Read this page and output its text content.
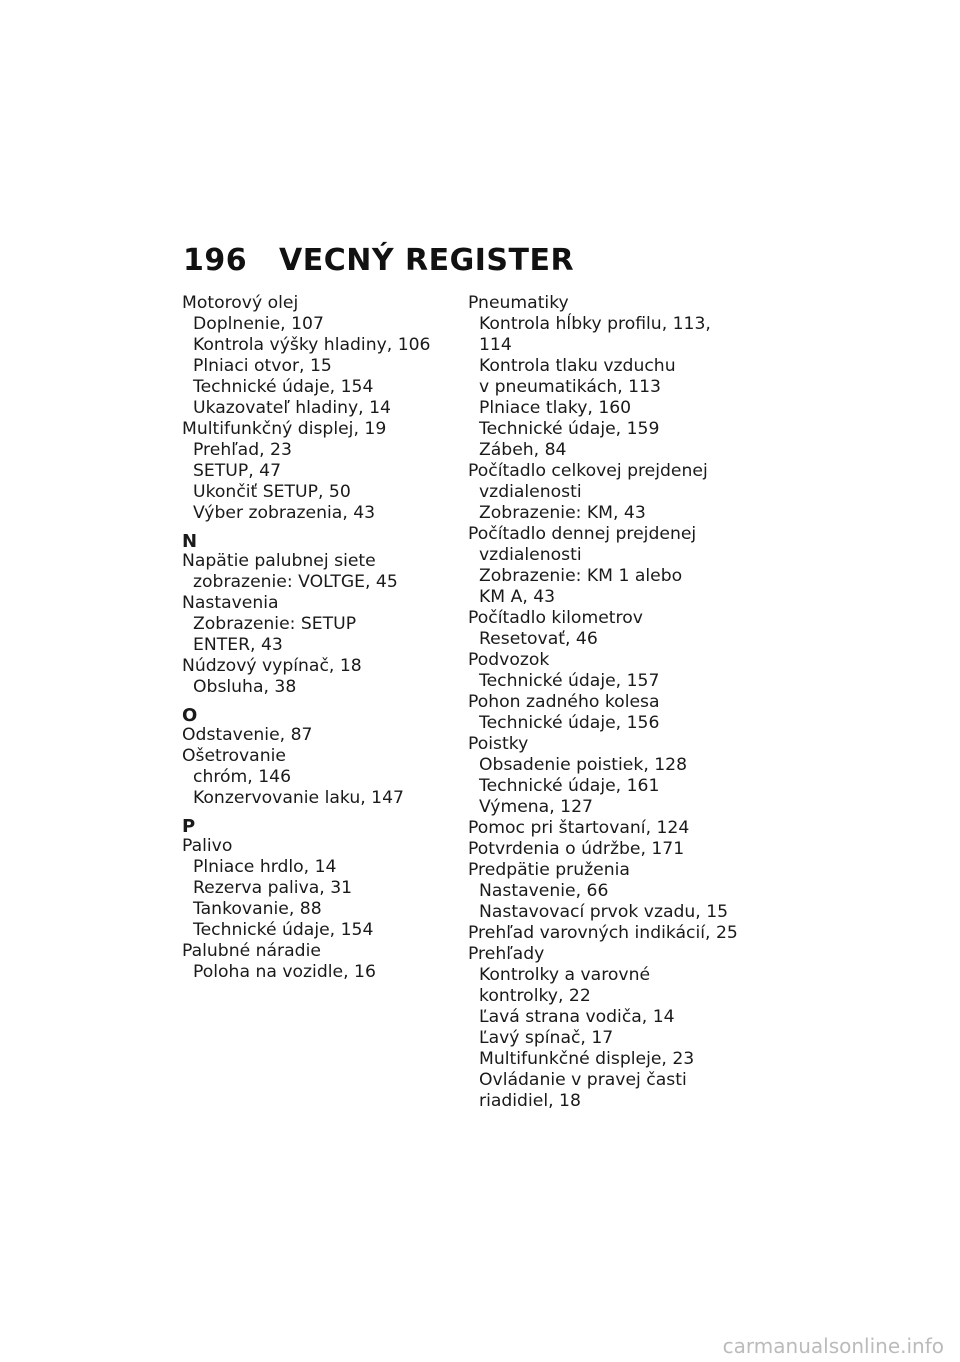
196 VECNÝ REGISTER
Motorový olej
Doplnenie, 107
Kontrola výšky hladiny, 106
Plniaci otvor, 15
Technické údaje, 154
Ukazovateľ hladiny, 14
Multifunkčný displej, 19
Prehľad, 23
SETUP, 47
Ukončiť SETUP, 50
Výber zobrazenia, 43
N
Napätie palubnej siete
zobrazenie: VOLTGE, 45
Nastavenia
Zobrazenie: SETUP
ENTER, 43
Núdzový vypínač, 18
Obsluha, 38
O
Odstavenie, 87
Ošetrovanie
chróm, 146
Konzervovanie laku, 147
P
Palivo
Plniace hrdlo, 14
Rezerva paliva, 31
Tankovanie, 88
Technické údaje, 154
Palubné náradie
Poloha na vozidle, 16
Pneumatiky
Kontrola hĺbky profilu, 113,
114
Kontrola tlaku vzduchu
v pneumatikách, 113
Plniace tlaky, 160
Technické údaje, 159
Zábeh, 84
Počítadlo celkovej prejdenej
vzdialenosti
Zobrazenie: KM, 43
Počítadlo dennej prejdenej
vzdialenosti
Zobrazenie: KM 1 alebo
KM A, 43
Počítadlo kilometrov
Resetovať, 46
Podvozok
Technické údaje, 157
Pohon zadného kolesa
Technické údaje, 156
Poistky
Obsadenie poistiek, 128
Technické údaje, 161
Výmena, 127
Pomoc pri štartovaní, 124
Potvrdenia o údržbe, 171
Predpätie pruženia
Nastavenie, 66
Nastavovací prvok vzadu, 15
Prehľad varovných indikácií, 25
Prehľady
Kontrolky a varovné
kontrolky, 22
Ľavá strana vodiča, 14
Ľavý spínač, 17
Multifunkčné displeje, 23
Ovládanie v pravej časti
riadidiel, 18
carmanualsonline.info
